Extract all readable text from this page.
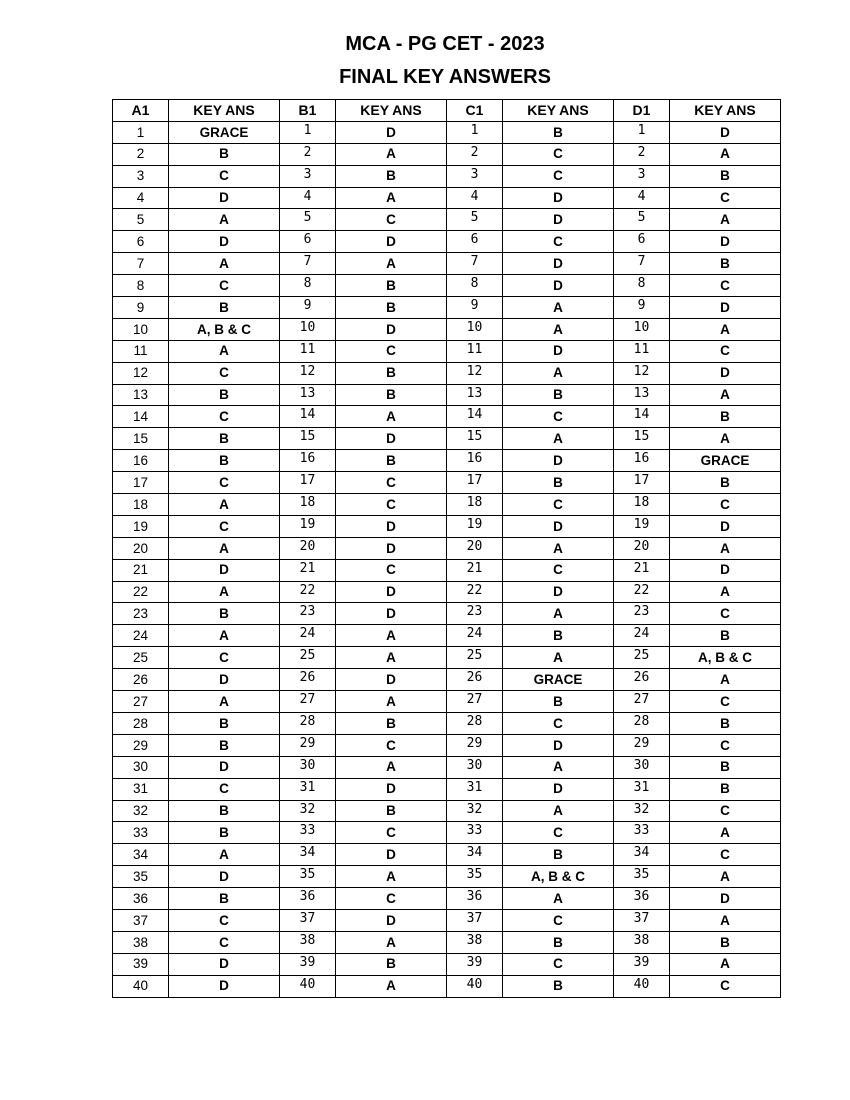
MCA - PG CET - 2023
FINAL KEY ANSWERS
A1	KEY ANS	B1	KEY ANS	C1	KEY ANS	D1	KEY ANS
1	GRACE	1	D	1	B	1	D
2	B	2	A	2	C	2	A
3	C	3	B	3	C	3	B
4	D	4	A	4	D	4	C
5	A	5	C	5	D	5	A
6	D	6	D	6	C	6	D
7	A	7	A	7	D	7	B
8	C	8	B	8	D	8	C
9	B	9	B	9	A	9	D
10	A, B & C	10	D	10	A	10	A
11	A	11	C	11	D	11	C
12	C	12	B	12	A	12	D
13	B	13	B	13	B	13	A
14	C	14	A	14	C	14	B
15	B	15	D	15	A	15	A
16	B	16	B	16	D	16	GRACE
17	C	17	C	17	B	17	B
18	A	18	C	18	C	18	C
19	C	19	D	19	D	19	D
20	A	20	D	20	A	20	A
21	D	21	C	21	C	21	D
22	A	22	D	22	D	22	A
23	B	23	D	23	A	23	C
24	A	24	A	24	B	24	B
25	C	25	A	25	A	25	A, B & C
26	D	26	D	26	GRACE	26	A
27	A	27	A	27	B	27	C
28	B	28	B	28	C	28	B
29	B	29	C	29	D	29	C
30	D	30	A	30	A	30	B
31	C	31	D	31	D	31	B
32	B	32	B	32	A	32	C
33	B	33	C	33	C	33	A
34	A	34	D	34	B	34	C
35	D	35	A	35	A, B & C	35	A
36	B	36	C	36	A	36	D
37	C	37	D	37	C	37	A
38	C	38	A	38	B	38	B
39	D	39	B	39	C	39	A
40	D	40	A	40	B	40	C
